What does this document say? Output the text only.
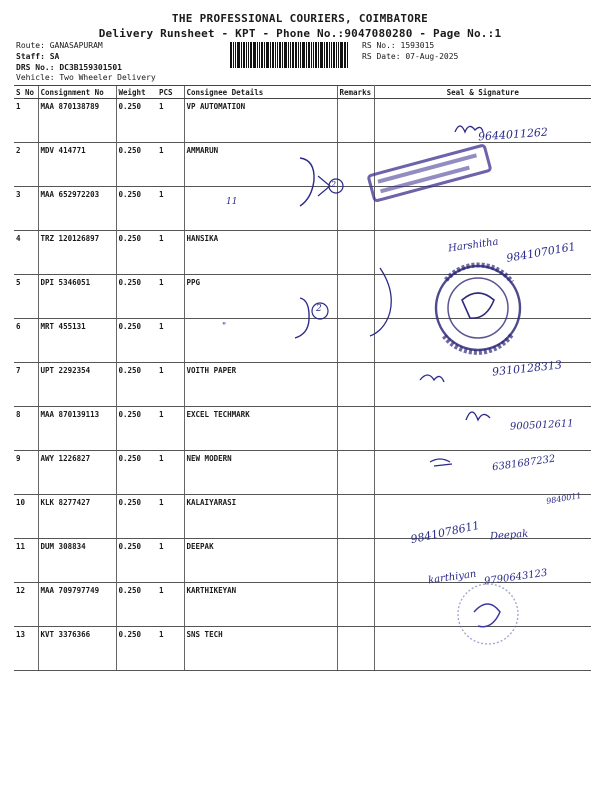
THE PROFESSIONAL COURIERS, COIMBATORE
Delivery Runsheet - KPT - Phone No.:9047080280 - Page No.:1
Route: GANASAPURAM
Staff: SA
DRS No.: DC3B159301501
Vehicle: Two Wheeler Delivery
RS No.: 1593015
RS Date: 07-Aug-2025
S No	Consignment No	Weight	PCS	Consignee Details	Remarks	Seal & Signature
1	MAA 870138789	0.250	1	VP AUTOMATION		
2	MDV 414771	0.250	1	AMMARUN		
3	MAA 652972203	0.250	1			
4	TRZ 120126897	0.250	1	HANSIKA		
5	DPI 5346051	0.250	1	PPG		
6	MRT 455131	0.250	1			
7	UPT 2292354	0.250	1	VOITH PAPER		
8	MAA 870139113	0.250	1	EXCEL TECHMARK		
9	AWY 1226827	0.250	1	NEW MODERN		
10	KLK 8277427	0.250	1	KALAIYARASI		
11	DUM 308834	0.250	1	DEEPAK		
12	MAA 709797749	0.250	1	KARTHIKEYAN		
13	KVT 3376366	0.250	1	SNS TECH		
9644011262
11
Harshitha 9841070161
"
2
2
9310128313
9005012611
6381687232
9840011
9841078611 Deepak
karthiyan 9790643123
